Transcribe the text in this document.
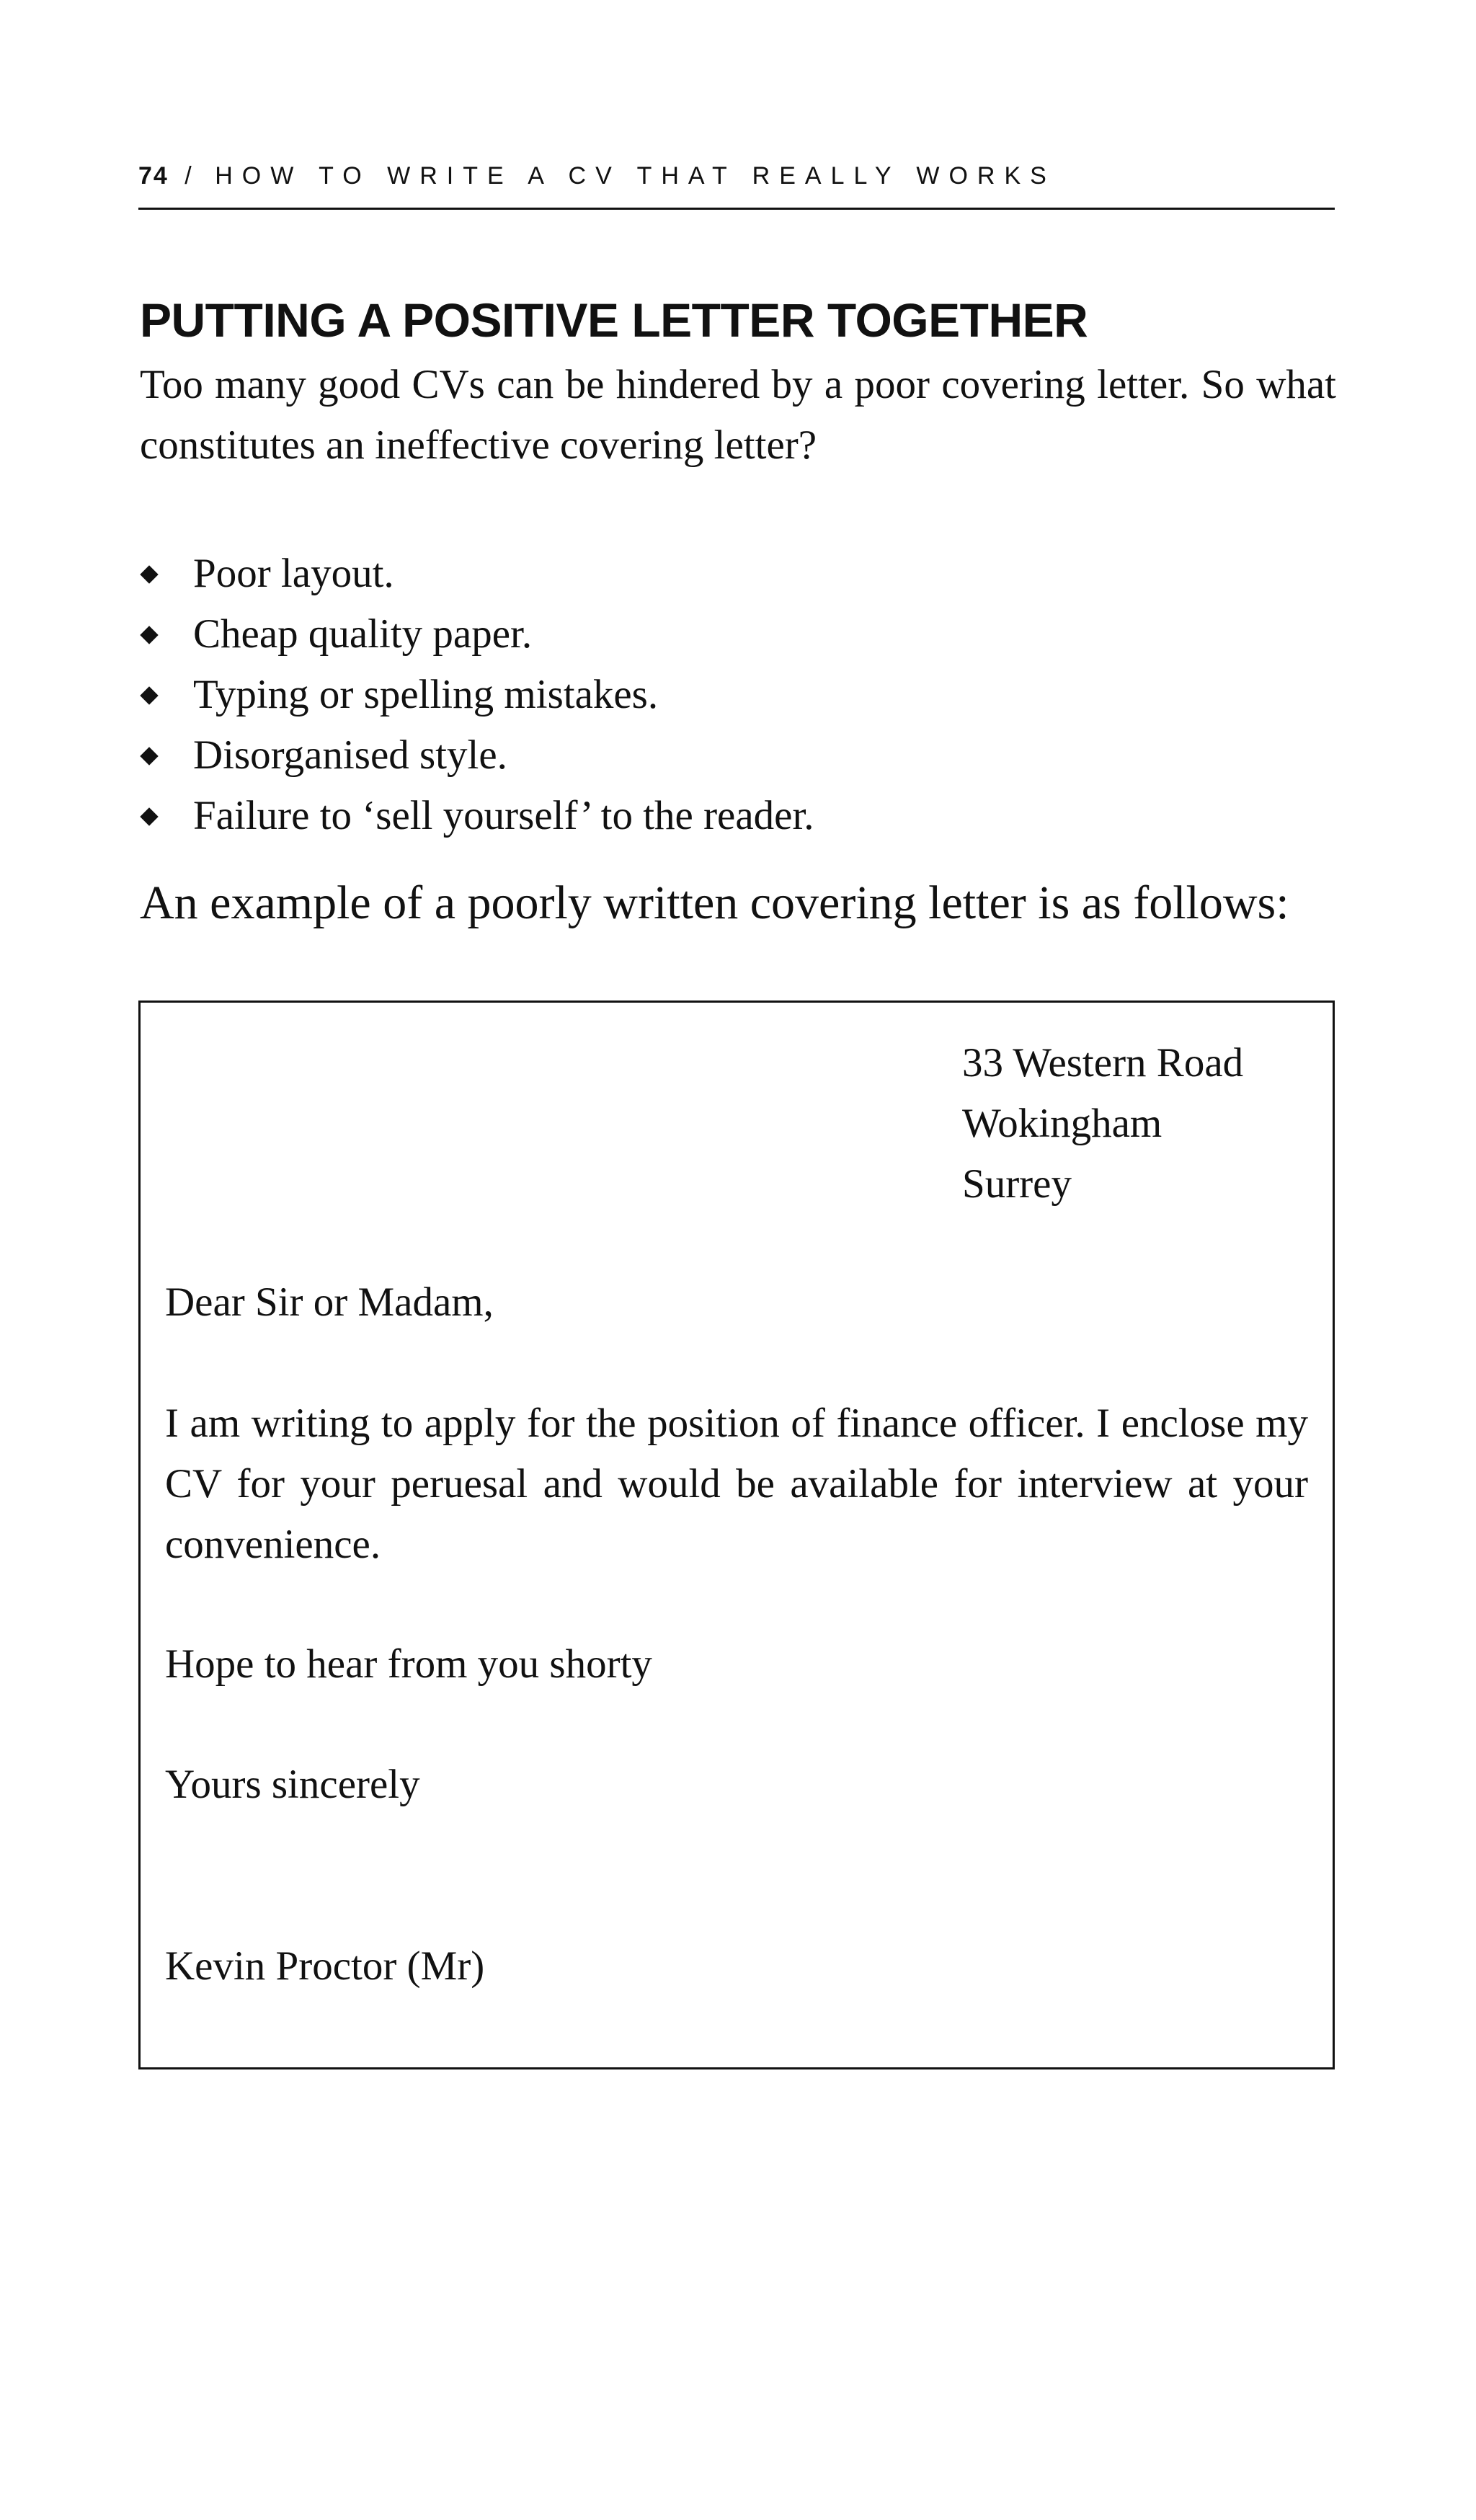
74 / HOW TO WRITE A CV THAT REALLY WORKS
PUTTING A POSITIVE LETTER TOGETHER

Too many good CVs can be hindered by a poor covering letter. So what constitutes an ineffective covering letter?

Poor layout.
Cheap quality paper.
Typing or spelling mistakes.
Disorganised style.
Failure to ‘sell yourself’ to the reader.

An example of a poorly written covering letter is as follows:

33 Western Road
Wokingham
Surrey
Dear Sir or Madam,

I am writing to apply for the position of finance officer. I enclose my CV for your peruesal and would be available for interview at your convenience.

Hope to hear from you shorty
Yours sincerely
Kevin Proctor (Mr)
